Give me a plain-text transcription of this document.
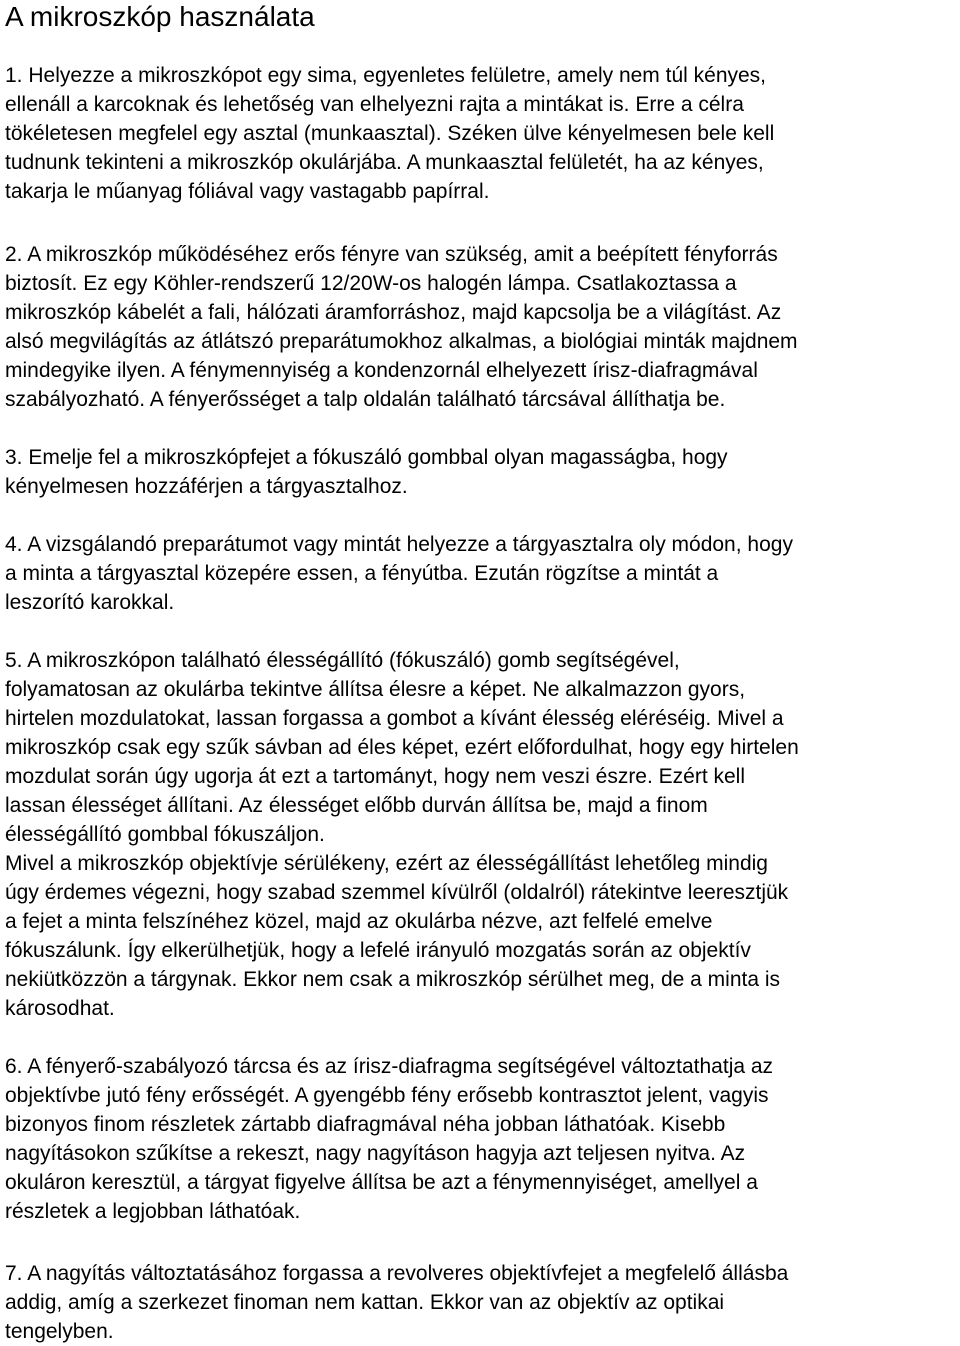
A mikroszkóp használata
1. Helyezze a mikroszkópot egy sima, egyenletes felületre, amely nem túl kényes,
ellenáll a karcoknak és lehetőség van elhelyezni rajta a mintákat is. Erre a célra
tökéletesen megfelel egy asztal (munkaasztal). Széken ülve kényelmesen bele kell
tudnunk tekinteni a mikroszkóp okulárjába. A munkaasztal felületét, ha az kényes,
takarja le műanyag fóliával vagy vastagabb papírral.
2. A mikroszkóp működéséhez erős fényre van szükség, amit a beépített fényforrás
biztosít. Ez egy Köhler-rendszerű 12/20W-os halogén lámpa. Csatlakoztassa a
mikroszkóp kábelét a fali, hálózati áramforráshoz, majd kapcsolja be a világítást. Az
alsó megvilágítás az átlátszó preparátumokhoz alkalmas, a biológiai minták majdnem
mindegyike ilyen. A fénymennyiség a kondenzornál elhelyezett írisz-diafragmával
szabályozható. A fényerősséget a talp oldalán található tárcsával állíthatja be.
3. Emelje fel a mikroszkópfejet a fókuszáló gombbal olyan magasságba, hogy
kényelmesen hozzáférjen a tárgyasztalhoz.
4. A vizsgálandó preparátumot vagy mintát helyezze a tárgyasztalra oly módon, hogy
a minta a tárgyasztal közepére essen, a fényútba. Ezután rögzítse a mintát a
leszorító karokkal.
5. A mikroszkópon található élességállító (fókuszáló) gomb segítségével,
folyamatosan az okulárba tekintve állítsa élesre a képet. Ne alkalmazzon gyors,
hirtelen mozdulatokat, lassan forgassa a gombot a kívánt élesség eléréséig. Mivel a
mikroszkóp csak egy szűk sávban ad éles képet, ezért előfordulhat, hogy egy hirtelen
mozdulat során úgy ugorja át ezt a tartományt, hogy nem veszi észre. Ezért kell
lassan élességet állítani. Az élességet előbb durván állítsa be, majd a finom
élességállító gombbal fókuszáljon.
Mivel a mikroszkóp objektívje sérülékeny, ezért az élességállítást lehetőleg mindig
úgy érdemes végezni, hogy szabad szemmel kívülről (oldalról) rátekintve leeresztjük
a fejet a minta felszínéhez közel, majd az okulárba nézve, azt felfelé emelve
fókuszálunk. Így elkerülhetjük, hogy a lefelé irányuló mozgatás során az objektív
nekiütközzön a tárgynak. Ekkor nem csak a mikroszkóp sérülhet meg, de a minta is
károsodhat.
6. A fényerő-szabályozó tárcsa és az írisz-diafragma segítségével változtathatja az
objektívbe jutó fény erősségét. A gyengébb fény erősebb kontrasztot jelent, vagyis
bizonyos finom részletek zártabb diafragmával néha jobban láthatóak. Kisebb
nagyításokon szűkítse a rekeszt, nagy nagyításon hagyja azt teljesen nyitva. Az
okuláron keresztül, a tárgyat figyelve állítsa be azt a fénymennyiséget, amellyel a
részletek a legjobban láthatóak.
7. A nagyítás változtatásához forgassa a revolveres objektívfejet a megfelelő állásba
addig, amíg a szerkezet finoman nem kattan. Ekkor van az objektív az optikai
tengelyben.
